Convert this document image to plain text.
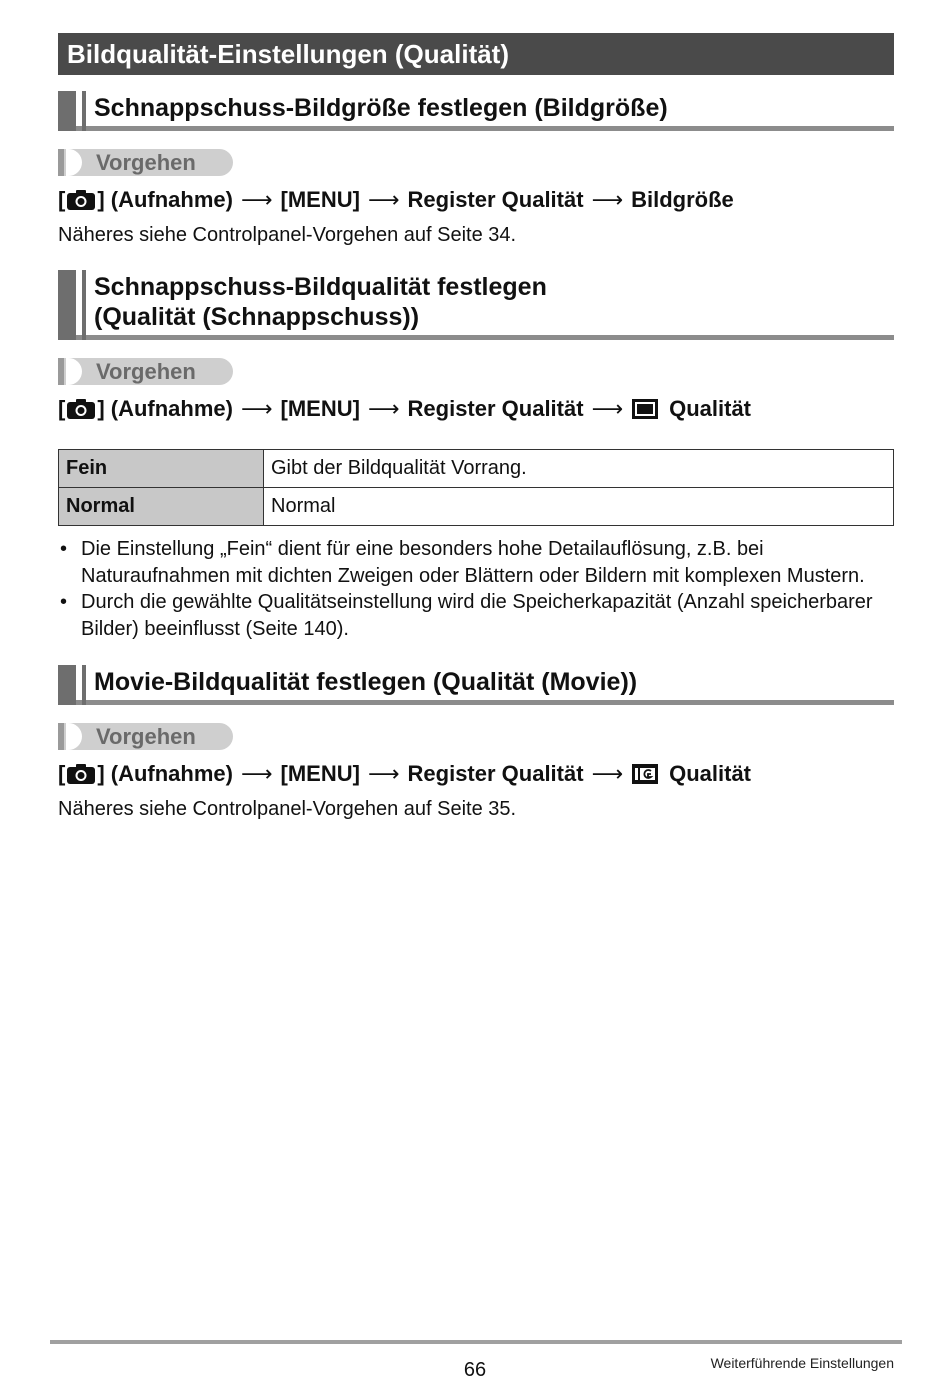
Bildqualität-Einstellungen (Qualität)
Schnappschuss-Bildgröße festlegen (Bildgröße)
Vorgehen
[ ] (Aufnahme) ⟶ [MENU] ⟶ Register Qualität ⟶ Bildgröße
Näheres siehe Controlpanel-Vorgehen auf Seite 34.
Schnappschuss-Bildqualität festlegen
(Qualität (Schnappschuss))
Vorgehen
[ ] (Aufnahme) ⟶ [MENU] ⟶ Register Qualität ⟶ Qualität
Fein	Gibt der Bildqualität Vorrang.
Normal	Normal
• Die Einstellung „Fein“ dient für eine besonders hohe Detailauflösung, z.B. bei Naturaufnahmen mit dichten Zweigen oder Blättern oder Bildern mit komplexen Mustern.
• Durch die gewählte Qualitätseinstellung wird die Speicherkapazität (Anzahl speicherbarer Bilder) beeinflusst (Seite 140).
Movie-Bildqualität festlegen (Qualität (Movie))
Vorgehen
[ ] (Aufnahme) ⟶ [MENU] ⟶ Register Qualität ⟶ Qualität
Näheres siehe Controlpanel-Vorgehen auf Seite 35.
66	Weiterführende Einstellungen
